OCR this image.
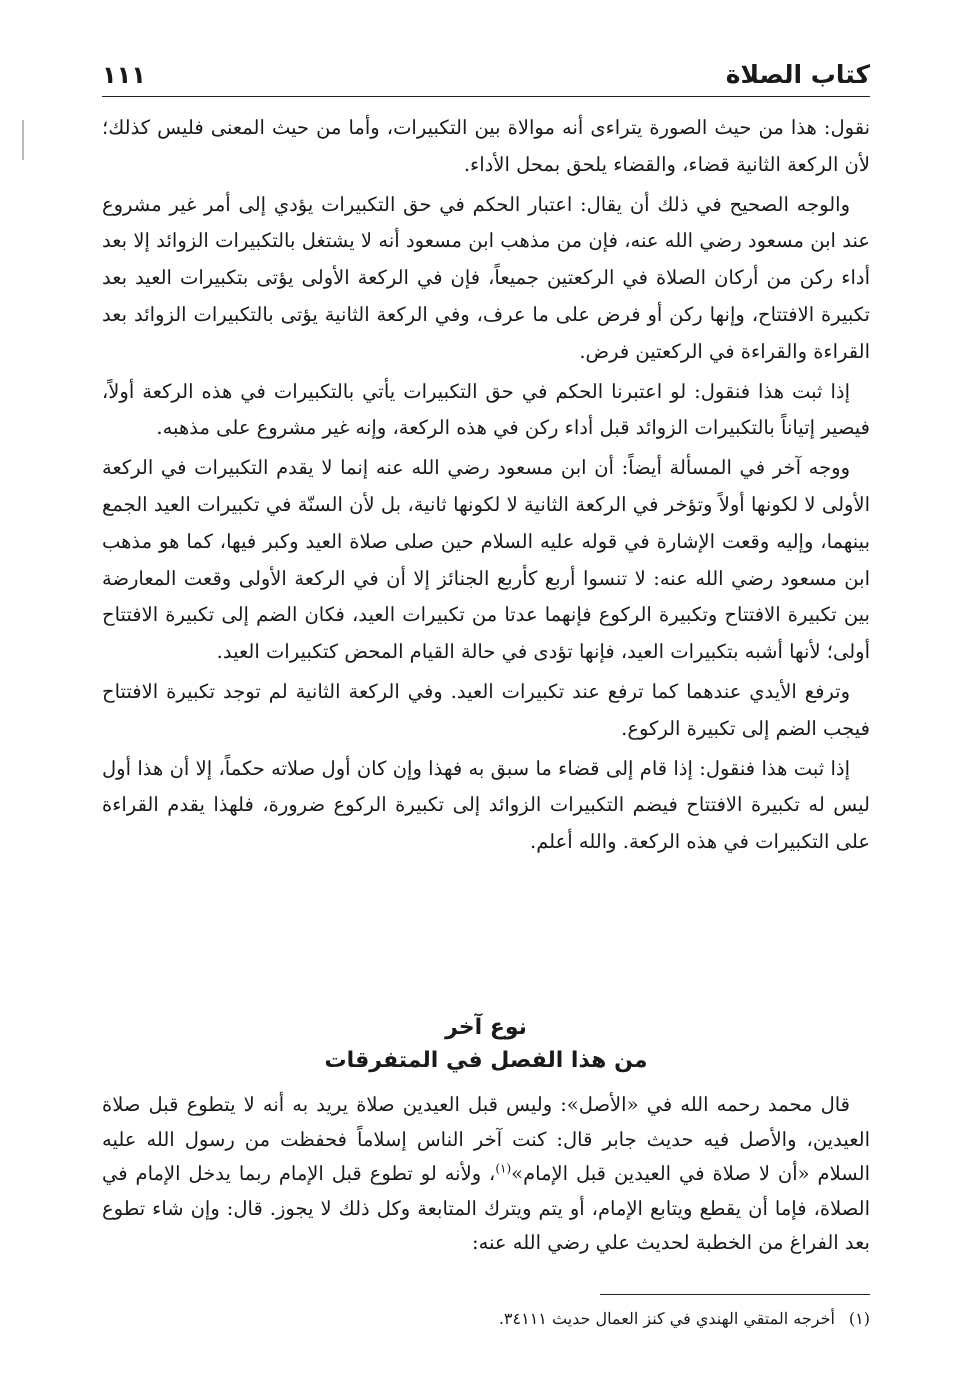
كتاب الصلاة
١١١

نقول: هذا من حيث الصورة يتراءى أنه موالاة بين التكبيرات، وأما من حيث المعنى فليس كذلك؛ لأن الركعة الثانية قضاء، والقضاء يلحق بمحل الأداء.

والوجه الصحيح في ذلك أن يقال: اعتبار الحكم في حق التكبيرات يؤدي إلى أمر غير مشروع عند ابن مسعود رضي الله عنه، فإن من مذهب ابن مسعود أنه لا يشتغل بالتكبيرات الزوائد إلا بعد أداء ركن من أركان الصلاة في الركعتين جميعاً، فإن في الركعة الأولى يؤتى بتكبيرات العيد بعد تكبيرة الافتتاح، وإنها ركن أو فرض على ما عرف، وفي الركعة الثانية يؤتى بالتكبيرات الزوائد بعد القراءة والقراءة في الركعتين فرض.

إذا ثبت هذا فنقول: لو اعتبرنا الحكم في حق التكبيرات يأتي بالتكبيرات في هذه الركعة أولاً، فيصير إتياناً بالتكبيرات الزوائد قبل أداء ركن في هذه الركعة، وإنه غير مشروع على مذهبه.

ووجه آخر في المسألة أيضاً: أن ابن مسعود رضي الله عنه إنما لا يقدم التكبيرات في الركعة الأولى لا لكونها أولاً وتؤخر في الركعة الثانية لا لكونها ثانية، بل لأن السنّة في تكبيرات العيد الجمع بينهما، وإليه وقعت الإشارة في قوله عليه السلام حين صلى صلاة العيد وكبر فيها، كما هو مذهب ابن مسعود رضي الله عنه: لا تنسوا أربع كأربع الجنائز إلا أن في الركعة الأولى وقعت المعارضة بين تكبيرة الافتتاح وتكبيرة الركوع فإنهما عدتا من تكبيرات العيد، فكان الضم إلى تكبيرة الافتتاح أولى؛ لأنها أشبه بتكبيرات العيد، فإنها تؤدى في حالة القيام المحض كتكبيرات العيد.

وترفع الأيدي عندهما كما ترفع عند تكبيرات العيد. وفي الركعة الثانية لم توجد تكبيرة الافتتاح فيجب الضم إلى تكبيرة الركوع.

إذا ثبت هذا فنقول: إذا قام إلى قضاء ما سبق به فهذا وإن كان أول صلاته حكماً، إلا أن هذا أول ليس له تكبيرة الافتتاح فيضم التكبيرات الزوائد إلى تكبيرة الركوع ضرورة، فلهذا يقدم القراءة على التكبيرات في هذه الركعة. والله أعلم.

نوع آخر
من هذا الفصل في المتفرقات

قال محمد رحمه الله في «الأصل»: وليس قبل العيدين صلاة يريد به أنه لا يتطوع قبل صلاة العيدين، والأصل فيه حديث جابر قال: كنت آخر الناس إسلاماً فحفظت من رسول الله عليه السلام «أن لا صلاة في العيدين قبل الإمام»$^{(١)}$، ولأنه لو تطوع قبل الإمام ربما يدخل الإمام في الصلاة، فإما أن يقطع ويتابع الإمام، أو يتم ويترك المتابعة وكل ذلك لا يجوز. قال: وإن شاء تطوع بعد الفراغ من الخطبة لحديث علي رضي الله عنه:

(١)أخرجه المتقي الهندي في كنز العمال حديث ٣٤١١١.
